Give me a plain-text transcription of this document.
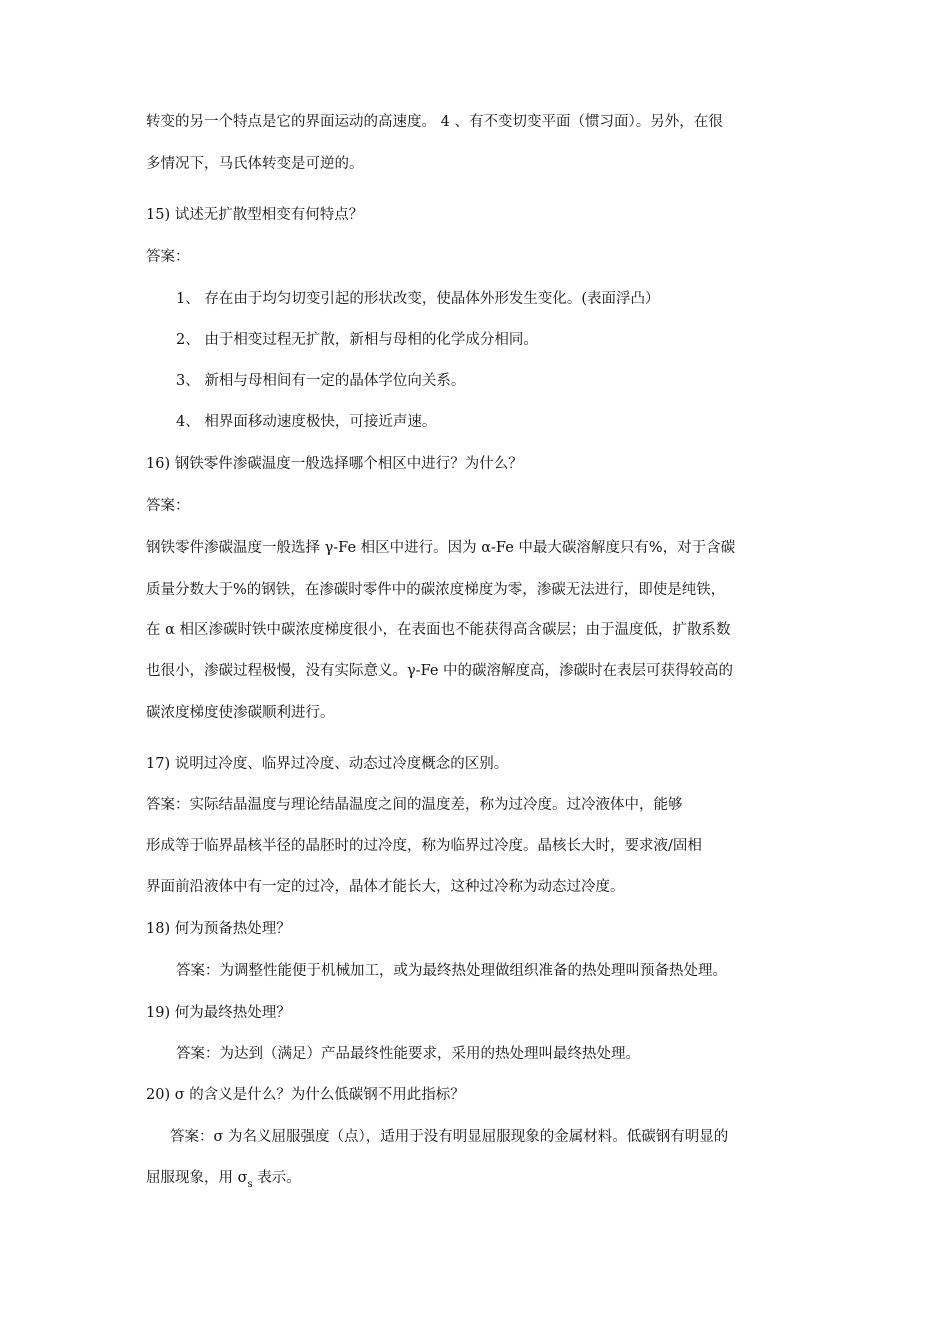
转变的另一个特点是它的界面运动的高速度。 4 、有不变切变平面（惯习面）。另外，在很
多情况下，马氏体转变是可逆的。
15) 试述无扩散型相变有何特点？
答案：
1、 存在由于均匀切变引起的形状改变，使晶体外形发生变化。(表面浮凸）
2、 由于相变过程无扩散，新相与母相的化学成分相同。
3、 新相与母相间有一定的晶体学位向关系。
4、 相界面移动速度极快，可接近声速。
16) 钢铁零件渗碳温度一般选择哪个相区中进行？为什么？
答案：
钢铁零件渗碳温度一般选择 γ-Fe 相区中进行。因为 α-Fe 中最大碳溶解度只有%，对于含碳
质量分数大于%的钢铁，在渗碳时零件中的碳浓度梯度为零，渗碳无法进行，即使是纯铁，
在 α 相区渗碳时铁中碳浓度梯度很小，在表面也不能获得高含碳层；由于温度低，扩散系数
也很小，渗碳过程极慢，没有实际意义。γ-Fe 中的碳溶解度高，渗碳时在表层可获得较高的
碳浓度梯度使渗碳顺利进行。
17) 说明过冷度、临界过冷度、动态过冷度概念的区别。
答案：实际结晶温度与理论结晶温度之间的温度差，称为过冷度。过冷液体中，能够
形成等于临界晶核半径的晶胚时的过冷度，称为临界过冷度。晶核长大时，要求液/固相
界面前沿液体中有一定的过冷，晶体才能长大，这种过冷称为动态过冷度。
18) 何为预备热处理？
答案：为调整性能便于机械加工，或为最终热处理做组织准备的热处理叫预备热处理。
19) 何为最终热处理？
答案：为达到（满足）产品最终性能要求，采用的热处理叫最终热处理。
20) σ 的含义是什么？为什么低碳钢不用此指标？
答案：σ 为名义屈服强度（点），适用于没有明显屈服现象的金属材料。低碳钢有明显的
屈服现象，用 $\sigma_s$ 表示。
